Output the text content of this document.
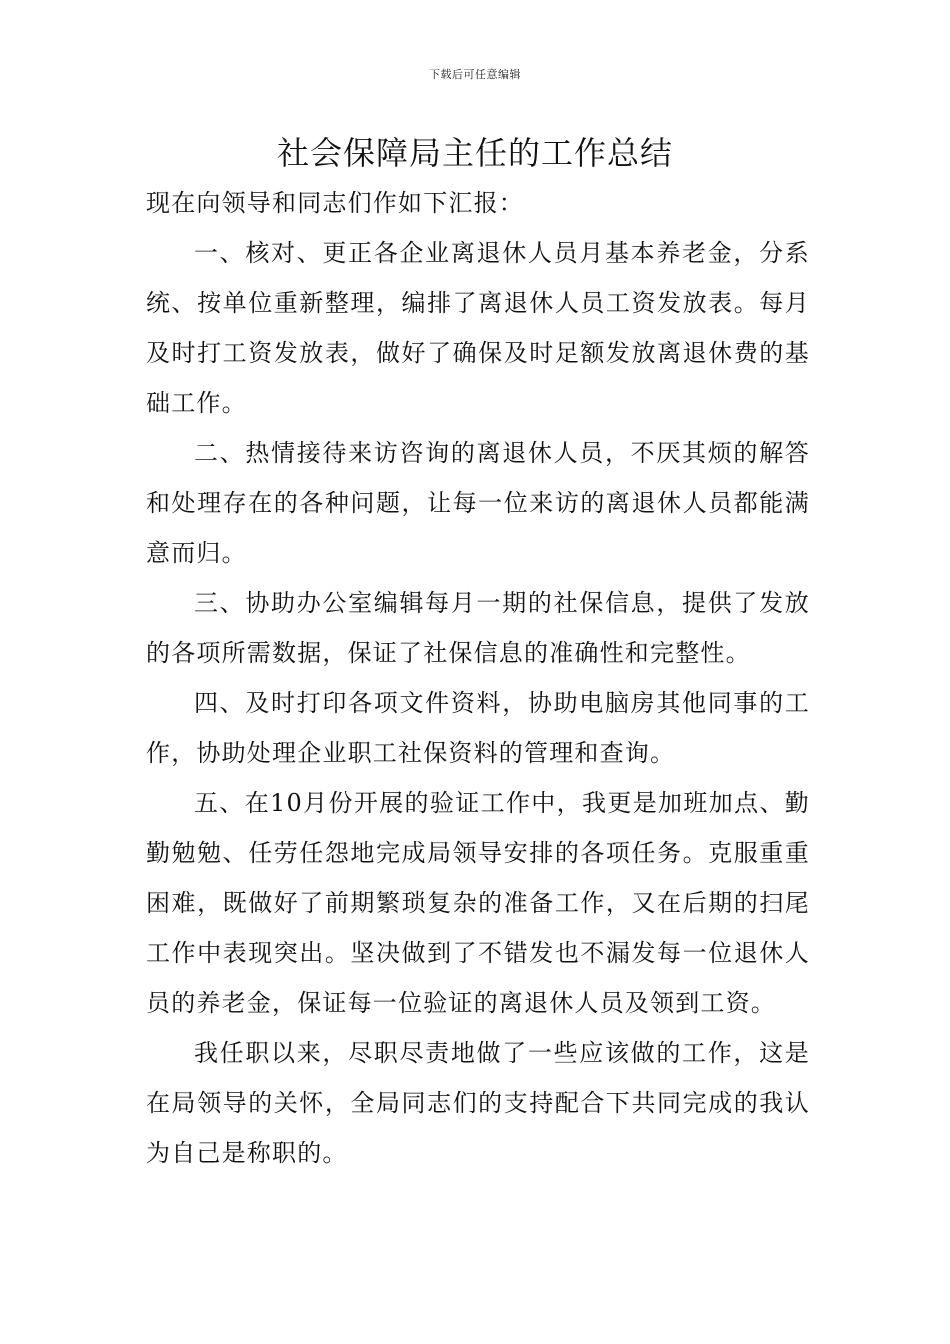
下载后可任意编辑
社会保障局主任的工作总结

现在向领导和同志们作如下汇报：

一、核对、更正各企业离退休人员月基本养老金，分系统、按单位重新整理，编排了离退休人员工资发放表。每月及时打工资发放表，做好了确保及时足额发放离退休费的基础工作。

二、热情接待来访咨询的离退休人员，不厌其烦的解答和处理存在的各种问题，让每一位来访的离退休人员都能满意而归。

三、协助办公室编辑每月一期的社保信息，提供了发放的各项所需数据，保证了社保信息的准确性和完整性。

四、及时打印各项文件资料，协助电脑房其他同事的工作，协助处理企业职工社保资料的管理和查询。

五、在10月份开展的验证工作中，我更是加班加点、勤勤勉勉、任劳任怨地完成局领导安排的各项任务。克服重重困难，既做好了前期繁琐复杂的准备工作，又在后期的扫尾工作中表现突出。坚决做到了不错发也不漏发每一位退休人员的养老金，保证每一位验证的离退休人员及领到工资。

我任职以来，尽职尽责地做了一些应该做的工作，这是在局领导的关怀，全局同志们的支持配合下共同完成的我认为自己是称职的。
